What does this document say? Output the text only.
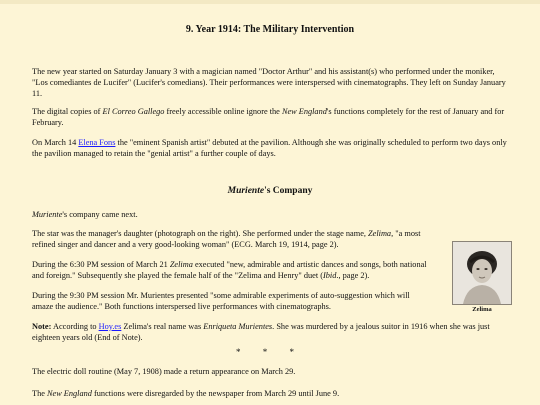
9. Year 1914: The Military Intervention
The new year started on Saturday January 3 with a magician named "Doctor Arthur" and his assistant(s) who performed under the moniker, "Los comediantes de Lucifer" (Lucifer's comedians). Their performances were interspersed with cinematographs. They left on Sunday January 11.
The digital copies of El Correo Gallego freely accessible online ignore the New England's functions completely for the rest of January and for February.
On March 14 Elena Fons the "eminent Spanish artist" debuted at the pavilion. Although she was originally scheduled to perform two days only the pavilion managed to retain the "genial artist" a further couple of days.
Muriente's Company
Muriente's company came next.
The star was the manager's daughter (photograph on the right). She performed under the stage name, Zelima, "a most refined singer and dancer and a very good-looking woman" (ECG. March 19, 1914, page 2).
During the 6:30 PM session of March 21 Zelima executed "new, admirable and artistic dances and songs, both national and foreign." Subsequently she played the female half of the "Zelima and Henry" duet (Ibid., page 2).
During the 9:30 PM session Mr. Murientes presented "some admirable experiments of auto-suggestion which will amaze the audience." Both functions interspersed live performances with cinematographs.
Note: According to Hoy.es Zelima's real name was Enriqueta Murientes. She was murdered by a jealous suitor in 1916 when she was just eighteen years old (End of Note).
Zelima
* * *
The electric doll routine (May 7, 1908) made a return appearance on March 29.
The New England functions were disregarded by the newspaper from March 29 until June 9.
